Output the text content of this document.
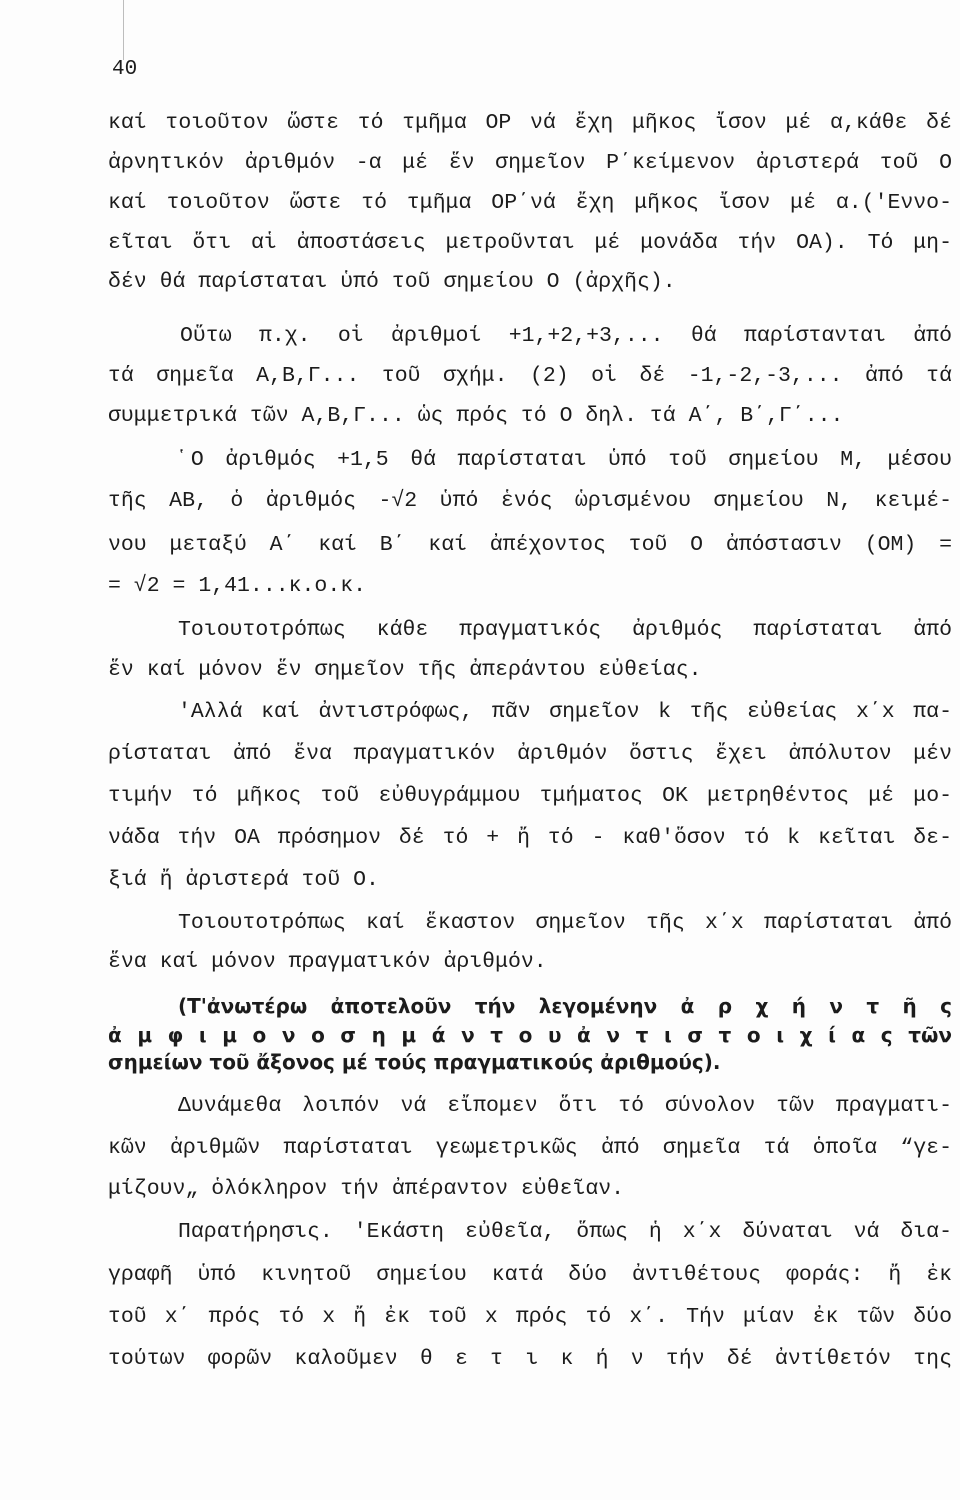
40
καί τοιοῦτον ὥστε τό τμῆμα OP νά ἔχη μῆκος ἴσον μέ α,κάθε δέ
ἀρνητικόν ἀριθμόν -α μέ ἕν σημεῖον P΄κείμενον ἀριστερά τοῦ O
καί τοιοῦτον ὥστε τό τμῆμα OP΄νά ἔχη μῆκος ἴσον μέ α.('Εννο-
εῖται ὅτι αἱ ἀποστάσεις μετροῦνται μέ μονάδα τήν OA). Τό μη-
δέν θά παρίσταται ὑπό τοῦ σημείου O (ἀρχῆς).
Οὕτω π.χ. οἱ ἀριθμοί +1,+2,+3,... θά παρίστανται ἀπό
τά σημεῖα A,B,Γ... τοῦ σχήμ. (2) οἱ δέ -1,-2,-3,... ἀπό τά
συμμετρικά τῶν A,B,Γ... ὡς πρός τό O δηλ. τά A΄, B΄,Γ΄...
῾O ἀριθμός +1,5 θά παρίσταται ὑπό τοῦ σημείου M, μέσου
τῆς AB, ὁ ἀριθμός -√2 ὑπό ἑνός ὡρισμένου σημείου N, κειμέ-
νου μεταξύ A΄ καί B΄ καί ἀπέχοντος τοῦ O ἀπόστασιν (OM) =
= √2 = 1,41...κ.ο.κ.
Τοιουτοτρόπως κάθε πραγματικός ἀριθμός παρίσταται ἀπό
ἕν καί μόνον ἕν σημεῖον τῆς ἀπεράντου εὐθείας.
'Αλλά καί ἀντιστρόφως, πᾶν σημεῖον k τῆς εὐθείας x΄x πα-
ρίσταται ἀπό ἕνα πραγματικόν ἀριθμόν ὅστις ἔχει ἀπόλυτον μέν
τιμήν τό μῆκος τοῦ εὐθυγράμμου τμήματος OK μετρηθέντος μέ μο-
νάδα τήν OA πρόσημον δέ τό + ἤ τό - καθ'ὅσον τό k κεῖται δε-
ξιά ἤ ἀριστερά τοῦ O.
Τοιουτοτρόπως καί ἕκαστον σημεῖον τῆς x΄x παρίσταται ἀπό
ἕνα καί μόνον πραγματικόν ἀριθμόν.
(Τ'ἀνωτέρω ἀποτελοῦν τήν λεγομένην ἀ ρ χ ή ν τ ῆ ς
ἀ μ φ ι μ ο ν ο σ η μ ά ν τ ο υ ἀ ν τ ι σ τ ο ι χ ί α ς τῶν
σημείων τοῦ ἄξονος μέ τούς πραγματικούς ἀριθμούς).
Δυνάμεθα λοιπόν νά εἴπομεν ὅτι τό σύνολον τῶν πραγματι-
κῶν ἀριθμῶν παρίσταται γεωμετρικῶς ἀπό σημεῖα τά ὁποῖα “γε-
μίζουν„ ὁλόκληρον τήν ἀπέραντον εὐθεῖαν.
Παρατήρησις. 'Εκάστη εὐθεῖα, ὅπως ἡ x΄x δύναται νά δια-
γραφῆ ὑπό κινητοῦ σημείου κατά δύο ἀντιθέτους φοράς: ἤ ἐκ
τοῦ x΄ πρός τό x ἤ ἐκ τοῦ x πρός τό x΄. Τήν μίαν ἐκ τῶν δύο
τούτων φορῶν καλοῦμεν θ ε τ ι κ ή ν τήν δέ ἀντίθετόν της
